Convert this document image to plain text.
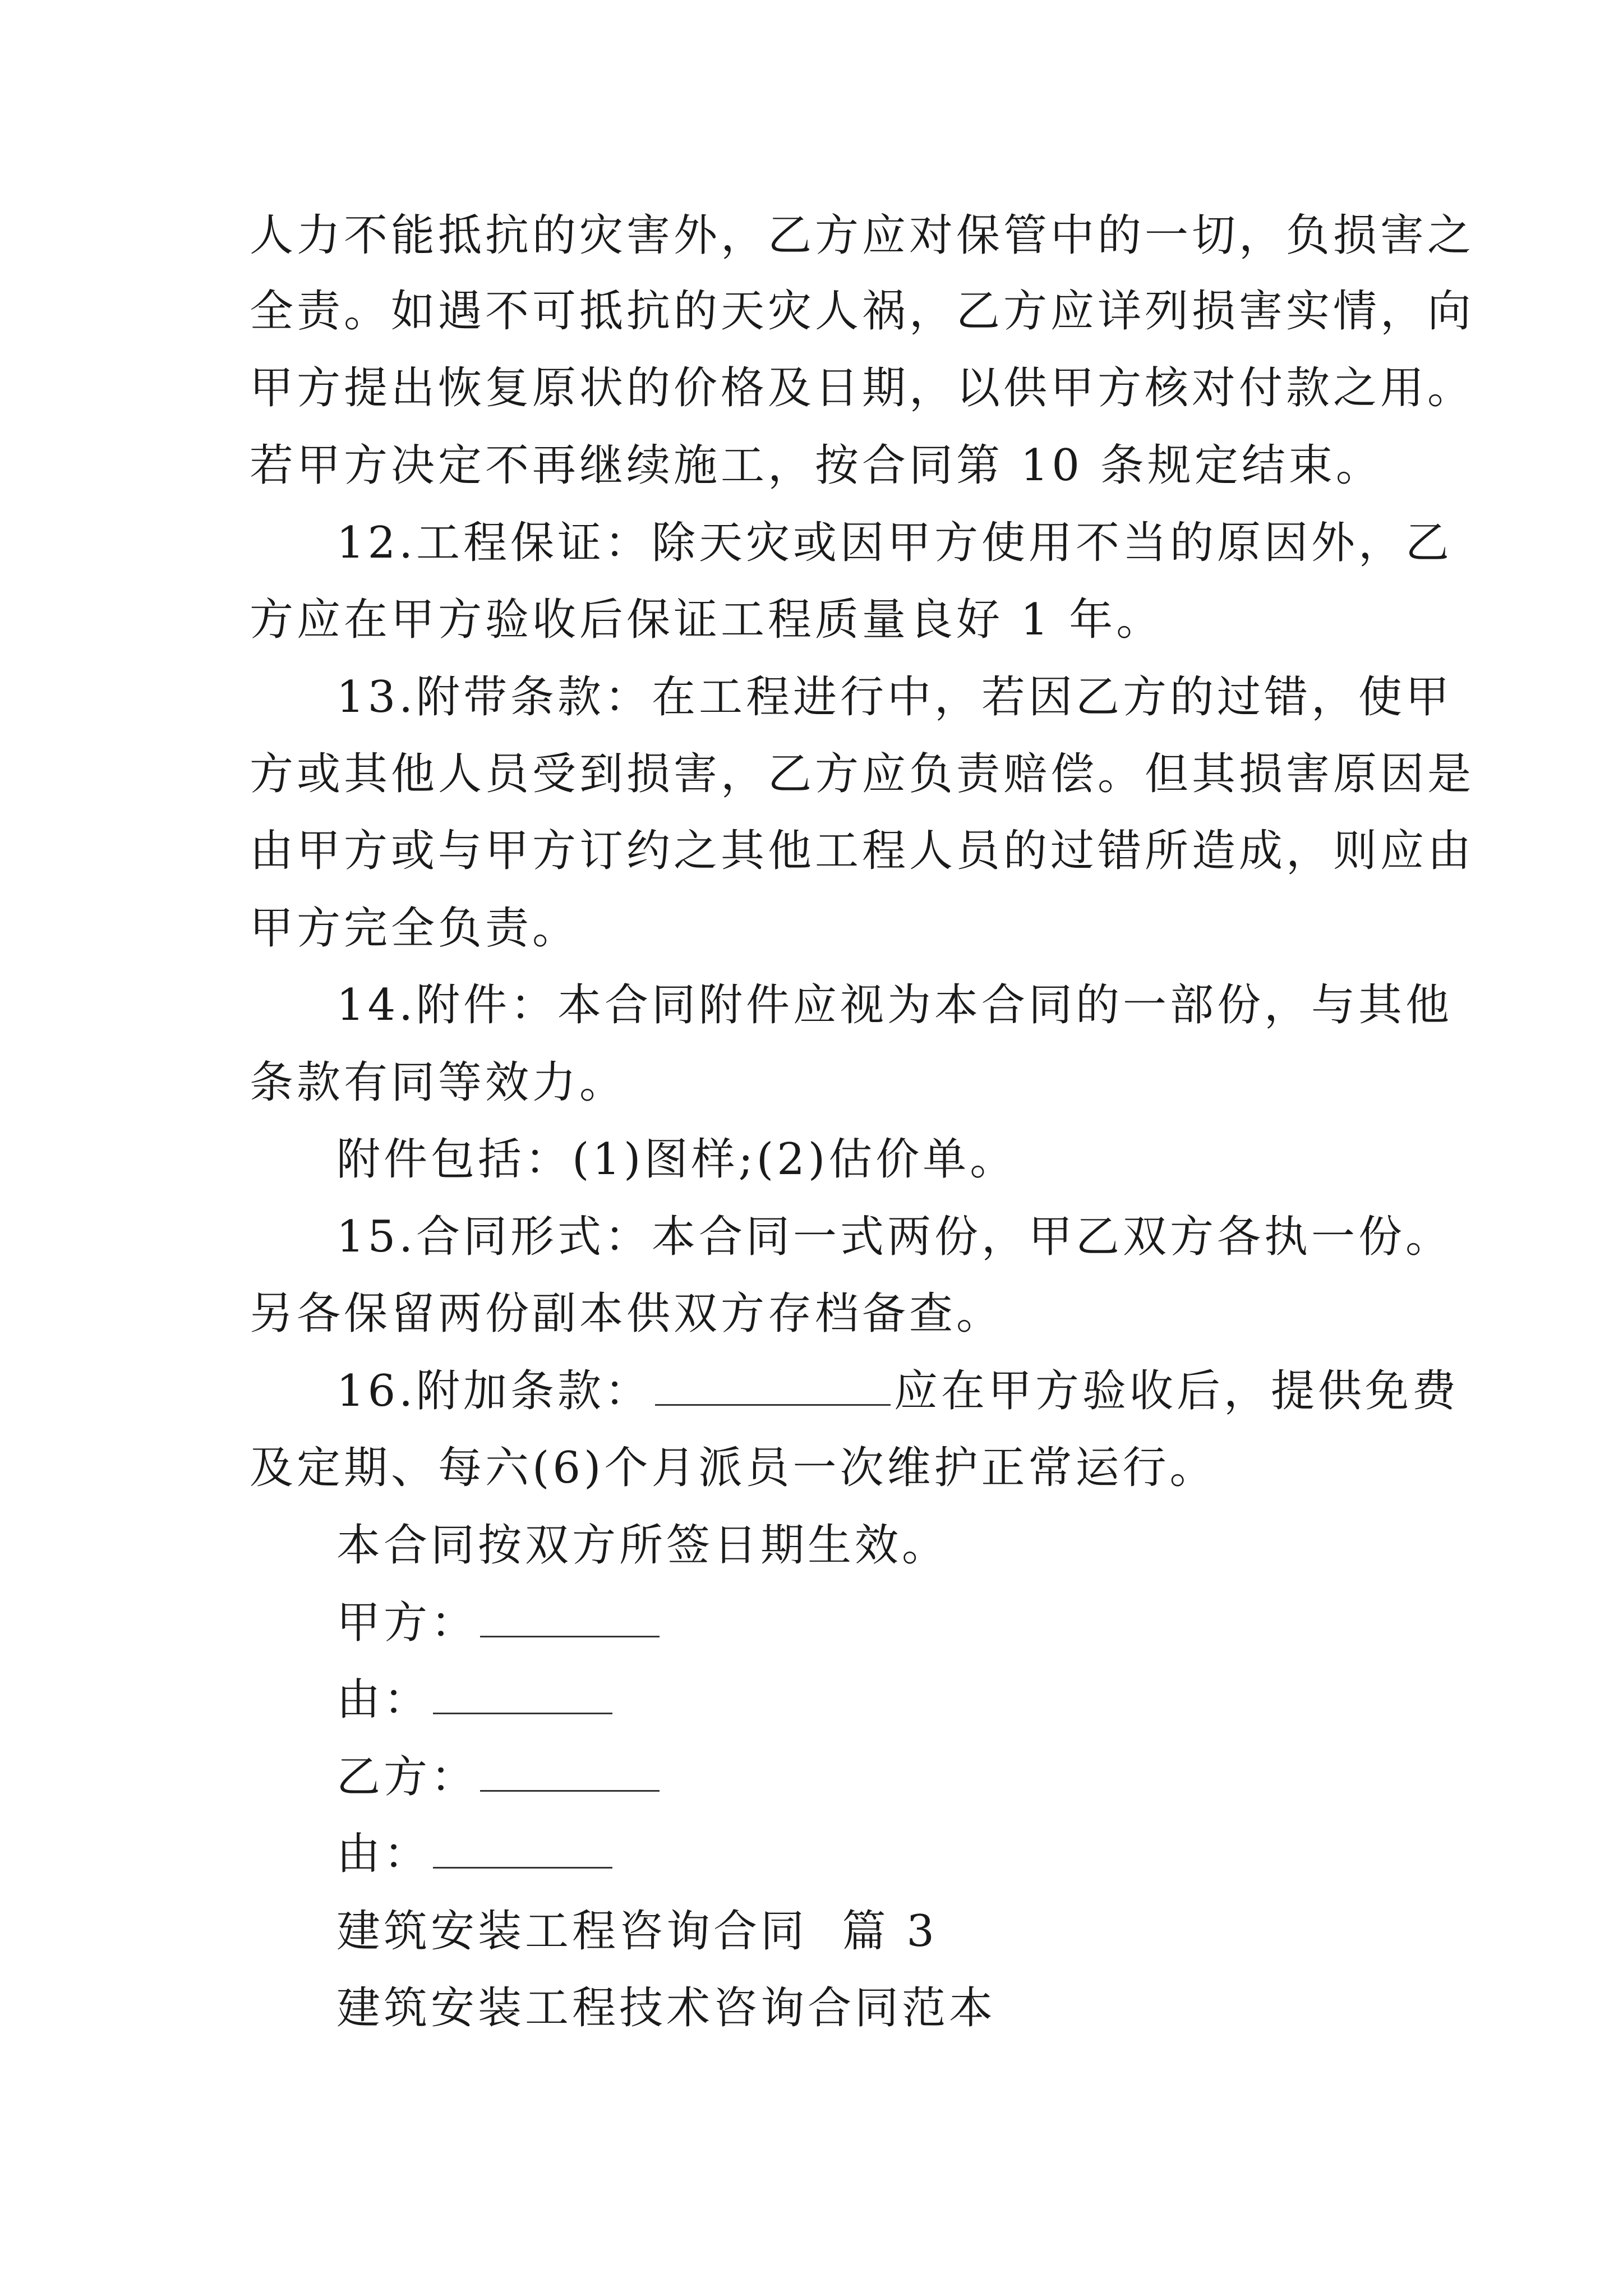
人力不能抵抗的灾害外，乙方应对保管中的一切，负损害之
全责。如遇不可抵抗的天灾人祸，乙方应详列损害实情，向
甲方提出恢复原状的价格及日期，以供甲方核对付款之用。
若甲方决定不再继续施工，按合同第 10 条规定结束。
12.工程保证：除天灾或因甲方使用不当的原因外，乙
方应在甲方验收后保证工程质量良好 1 年。
13.附带条款：在工程进行中，若因乙方的过错，使甲
方或其他人员受到损害，乙方应负责赔偿。但其损害原因是
由甲方或与甲方订约之其他工程人员的过错所造成，则应由
甲方完全负责。
14.附件：本合同附件应视为本合同的一部份，与其他
条款有同等效力。
附件包括：(1)图样;(2)估价单。
15.合同形式：本合同一式两份，甲乙双方各执一份。
另各保留两份副本供双方存档备查。
16.附加条款：	应在甲方验收后，提供免费
及定期、每六(6)个月派员一次维护正常运行。
本合同按双方所签日期生效。
甲方：
由：
乙方：
由：
建筑安装工程咨询合同  篇 3
建筑安装工程技术咨询合同范本
